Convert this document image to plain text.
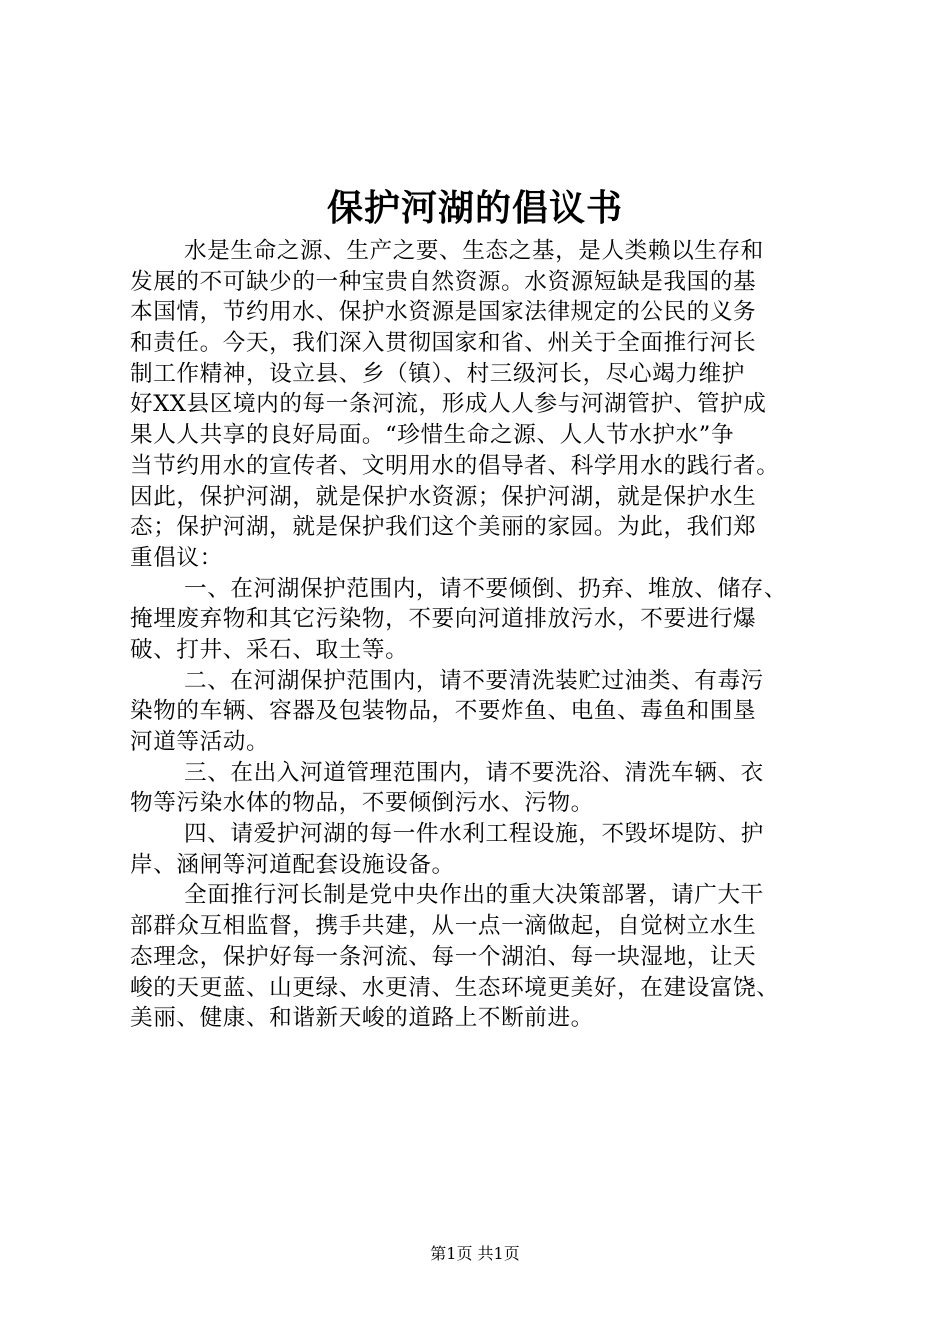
保护河湖的倡议书
水是生命之源、生产之要、生态之基，是人类赖以生存和
发展的不可缺少的一种宝贵自然资源。水资源短缺是我国的基
本国情，节约用水、保护水资源是国家法律规定的公民的义务
和责任。今天，我们深入贯彻国家和省、州关于全面推行河长
制工作精神，设立县、乡（镇）、村三级河长，尽心竭力维护
好XX县区境内的每一条河流，形成人人参与河湖管护、管护成
果人人共享的良好局面。“珍惜生命之源、人人节水护水”争
当节约用水的宣传者、文明用水的倡导者、科学用水的践行者。
因此，保护河湖，就是保护水资源；保护河湖，就是保护水生
态；保护河湖，就是保护我们这个美丽的家园。为此，我们郑
重倡议：
一、在河湖保护范围内，请不要倾倒、扔弃、堆放、储存、
掩埋废弃物和其它污染物，不要向河道排放污水，不要进行爆
破、打井、采石、取土等。
二、在河湖保护范围内，请不要清洗装贮过油类、有毒污
染物的车辆、容器及包装物品，不要炸鱼、电鱼、毒鱼和围垦
河道等活动。
三、在出入河道管理范围内，请不要洗浴、清洗车辆、衣
物等污染水体的物品，不要倾倒污水、污物。
四、请爱护河湖的每一件水利工程设施，不毁坏堤防、护
岸、涵闸等河道配套设施设备。
全面推行河长制是党中央作出的重大决策部署，请广大干
部群众互相监督，携手共建，从一点一滴做起，自觉树立水生
态理念，保护好每一条河流、每一个湖泊、每一块湿地，让天
峻的天更蓝、山更绿、水更清、生态环境更美好，在建设富饶、
美丽、健康、和谐新天峻的道路上不断前进。
第1页 共1页
